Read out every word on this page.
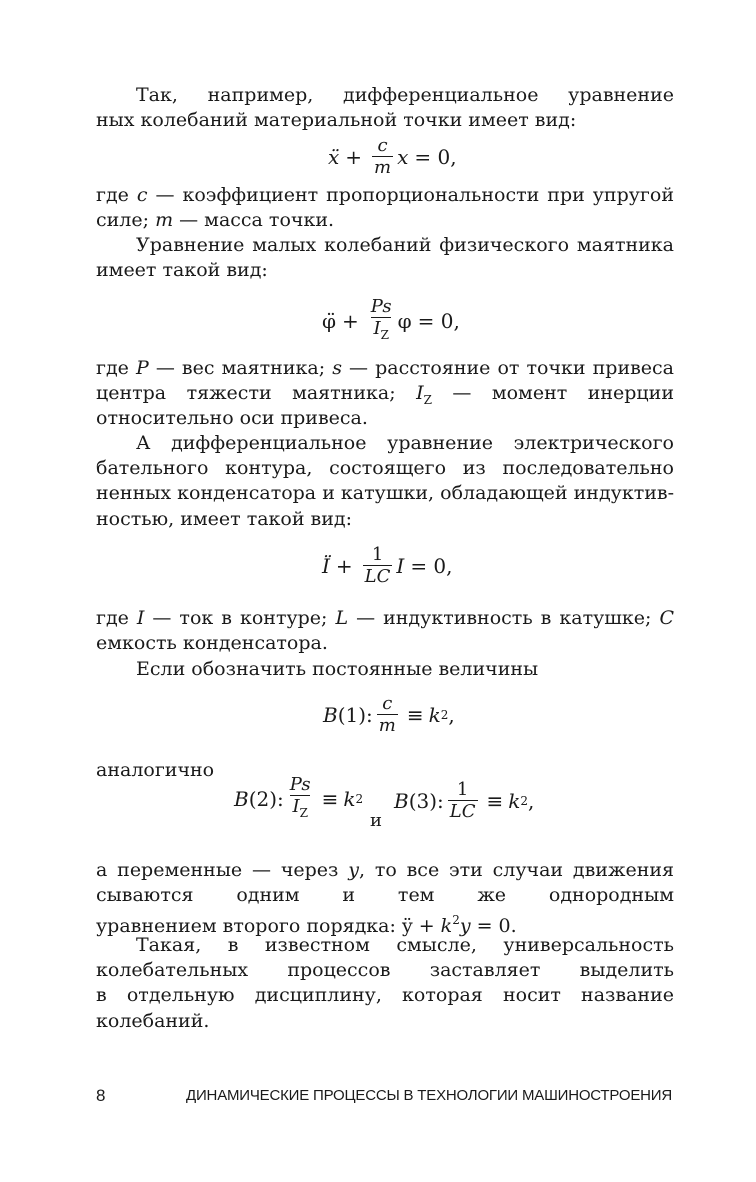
Так, например, дифференциальное уравнение
ных колебаний материальной точки имеет вид:
ẍ + $\frac{c}{m}$ x = 0,
где c — коэффициент пропорциональности при упругой
силе; m — масса точки.
Уравнение малых колебаний физического маятника
имеет такой вид:
φ̈ + $\frac{Ps}{I_Z}$ φ = 0,
где P — вес маятника; s — расстояние от точки привеса
центра тяжести маятника; $I_Z$ — момент инерции
относительно оси привеса.
А дифференциальное уравнение электрического
бательного контура, состоящего из последовательно
ненных конденсатора и катушки, обладающей индуктив-
ностью, имеет такой вид:
Ï + $\frac{1}{LC}$ I = 0,
где I — ток в контуре; L — индуктивность в катушке; C
емкость конденсатора.
Если обозначить постоянные величины
B (1): $\frac{c}{m} \equiv k$ 2 ,
аналогично
B (2): $\frac{Ps}{I_Z} \equiv k$ 2
и
B (3): $\frac{1}{LC} \equiv k$ 2 ,
а переменные — через y, то все эти случаи движения
сываются одним и тем же однородным
уравнением второго порядка: ÿ + $k^2y = 0$.
Такая, в известном смысле, универсальность
колебательных процессов заставляет выделить
в отдельную дисциплину, которая носит название
колебаний.
8	ДИНАМИЧЕСКИЕ ПРОЦЕССЫ В ТЕХНОЛОГИИ МАШИНОСТРОЕНИЯ
